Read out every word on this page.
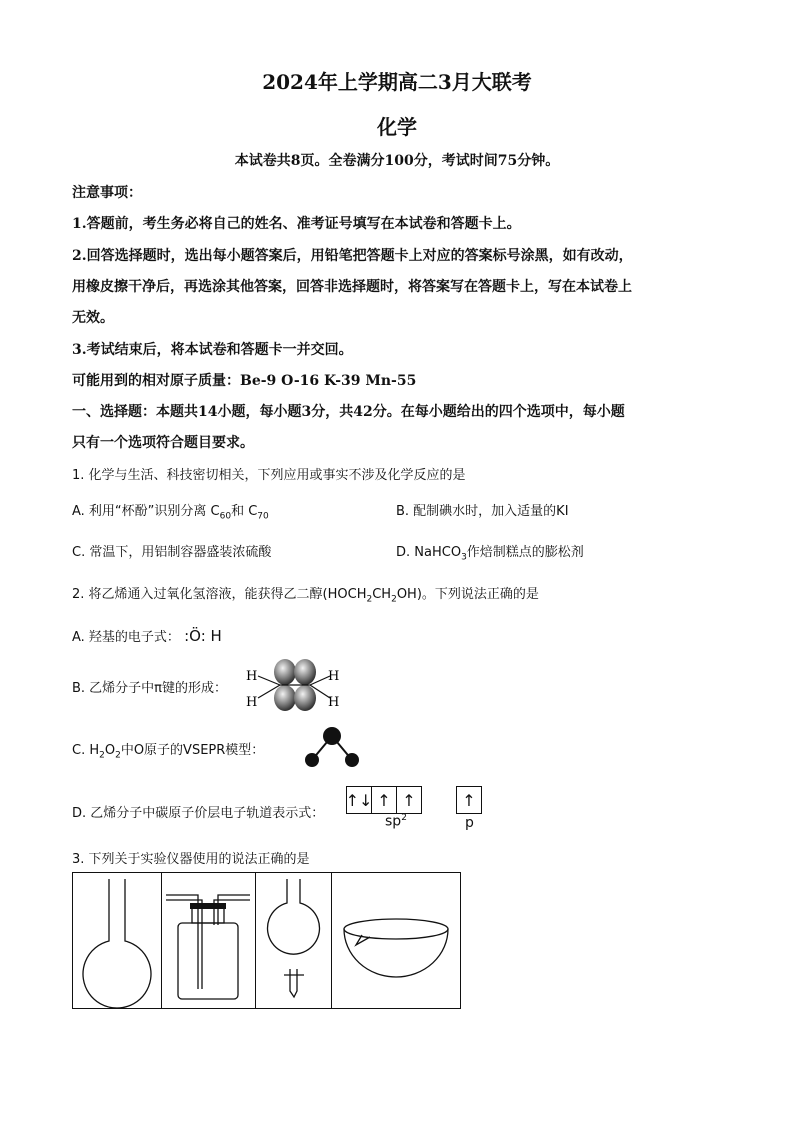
2024年上学期高二3月大联考
化学
本试卷共8页。全卷满分100分，考试时间75分钟。
注意事项：
1.答题前，考生务必将自己的姓名、准考证号填写在本试卷和答题卡上。
2.回答选择题时，选出每小题答案后，用铅笔把答题卡上对应的答案标号涂黑，如有改动，
用橡皮擦干净后，再选涂其他答案，回答非选择题时，将答案写在答题卡上，写在本试卷上
无效。
3.考试结束后，将本试卷和答题卡一并交回。
可能用到的相对原子质量：Be-9 O-16 K-39 Mn-55
一、选择题：本题共14小题，每小题3分，共42分。在每小题给出的四个选项中，每小题
只有一个选项符合题目要求。
1. 化学与生活、科技密切相关，下列应用或事实不涉及化学反应的是
A. 利用“杯酚”识别分离 $C_{60}$和 $C_{70}$	B. 配制碘水时，加入适量的KI
C. 常温下，用铝制容器盛装浓硫酸	D. NaHCO$_3$作焙制糕点的膨松剂
2. 将乙烯通入过氧化氢溶液，能获得乙二醇$(HOCH_2CH_2OH)$。下列说法正确的是
A. 羟基的电子式： :Ö: H
B. 乙烯分子中π键的形成：
H
H
H
H
C. $H_2O_2$中O原子的VSEPR模型：
D. 乙烯分子中碳原子价层电子轨道表示式：
↑↓ ↑ ↑	↑
$sp^2$	p
3. 下列关于实验仪器使用的说法正确的是
